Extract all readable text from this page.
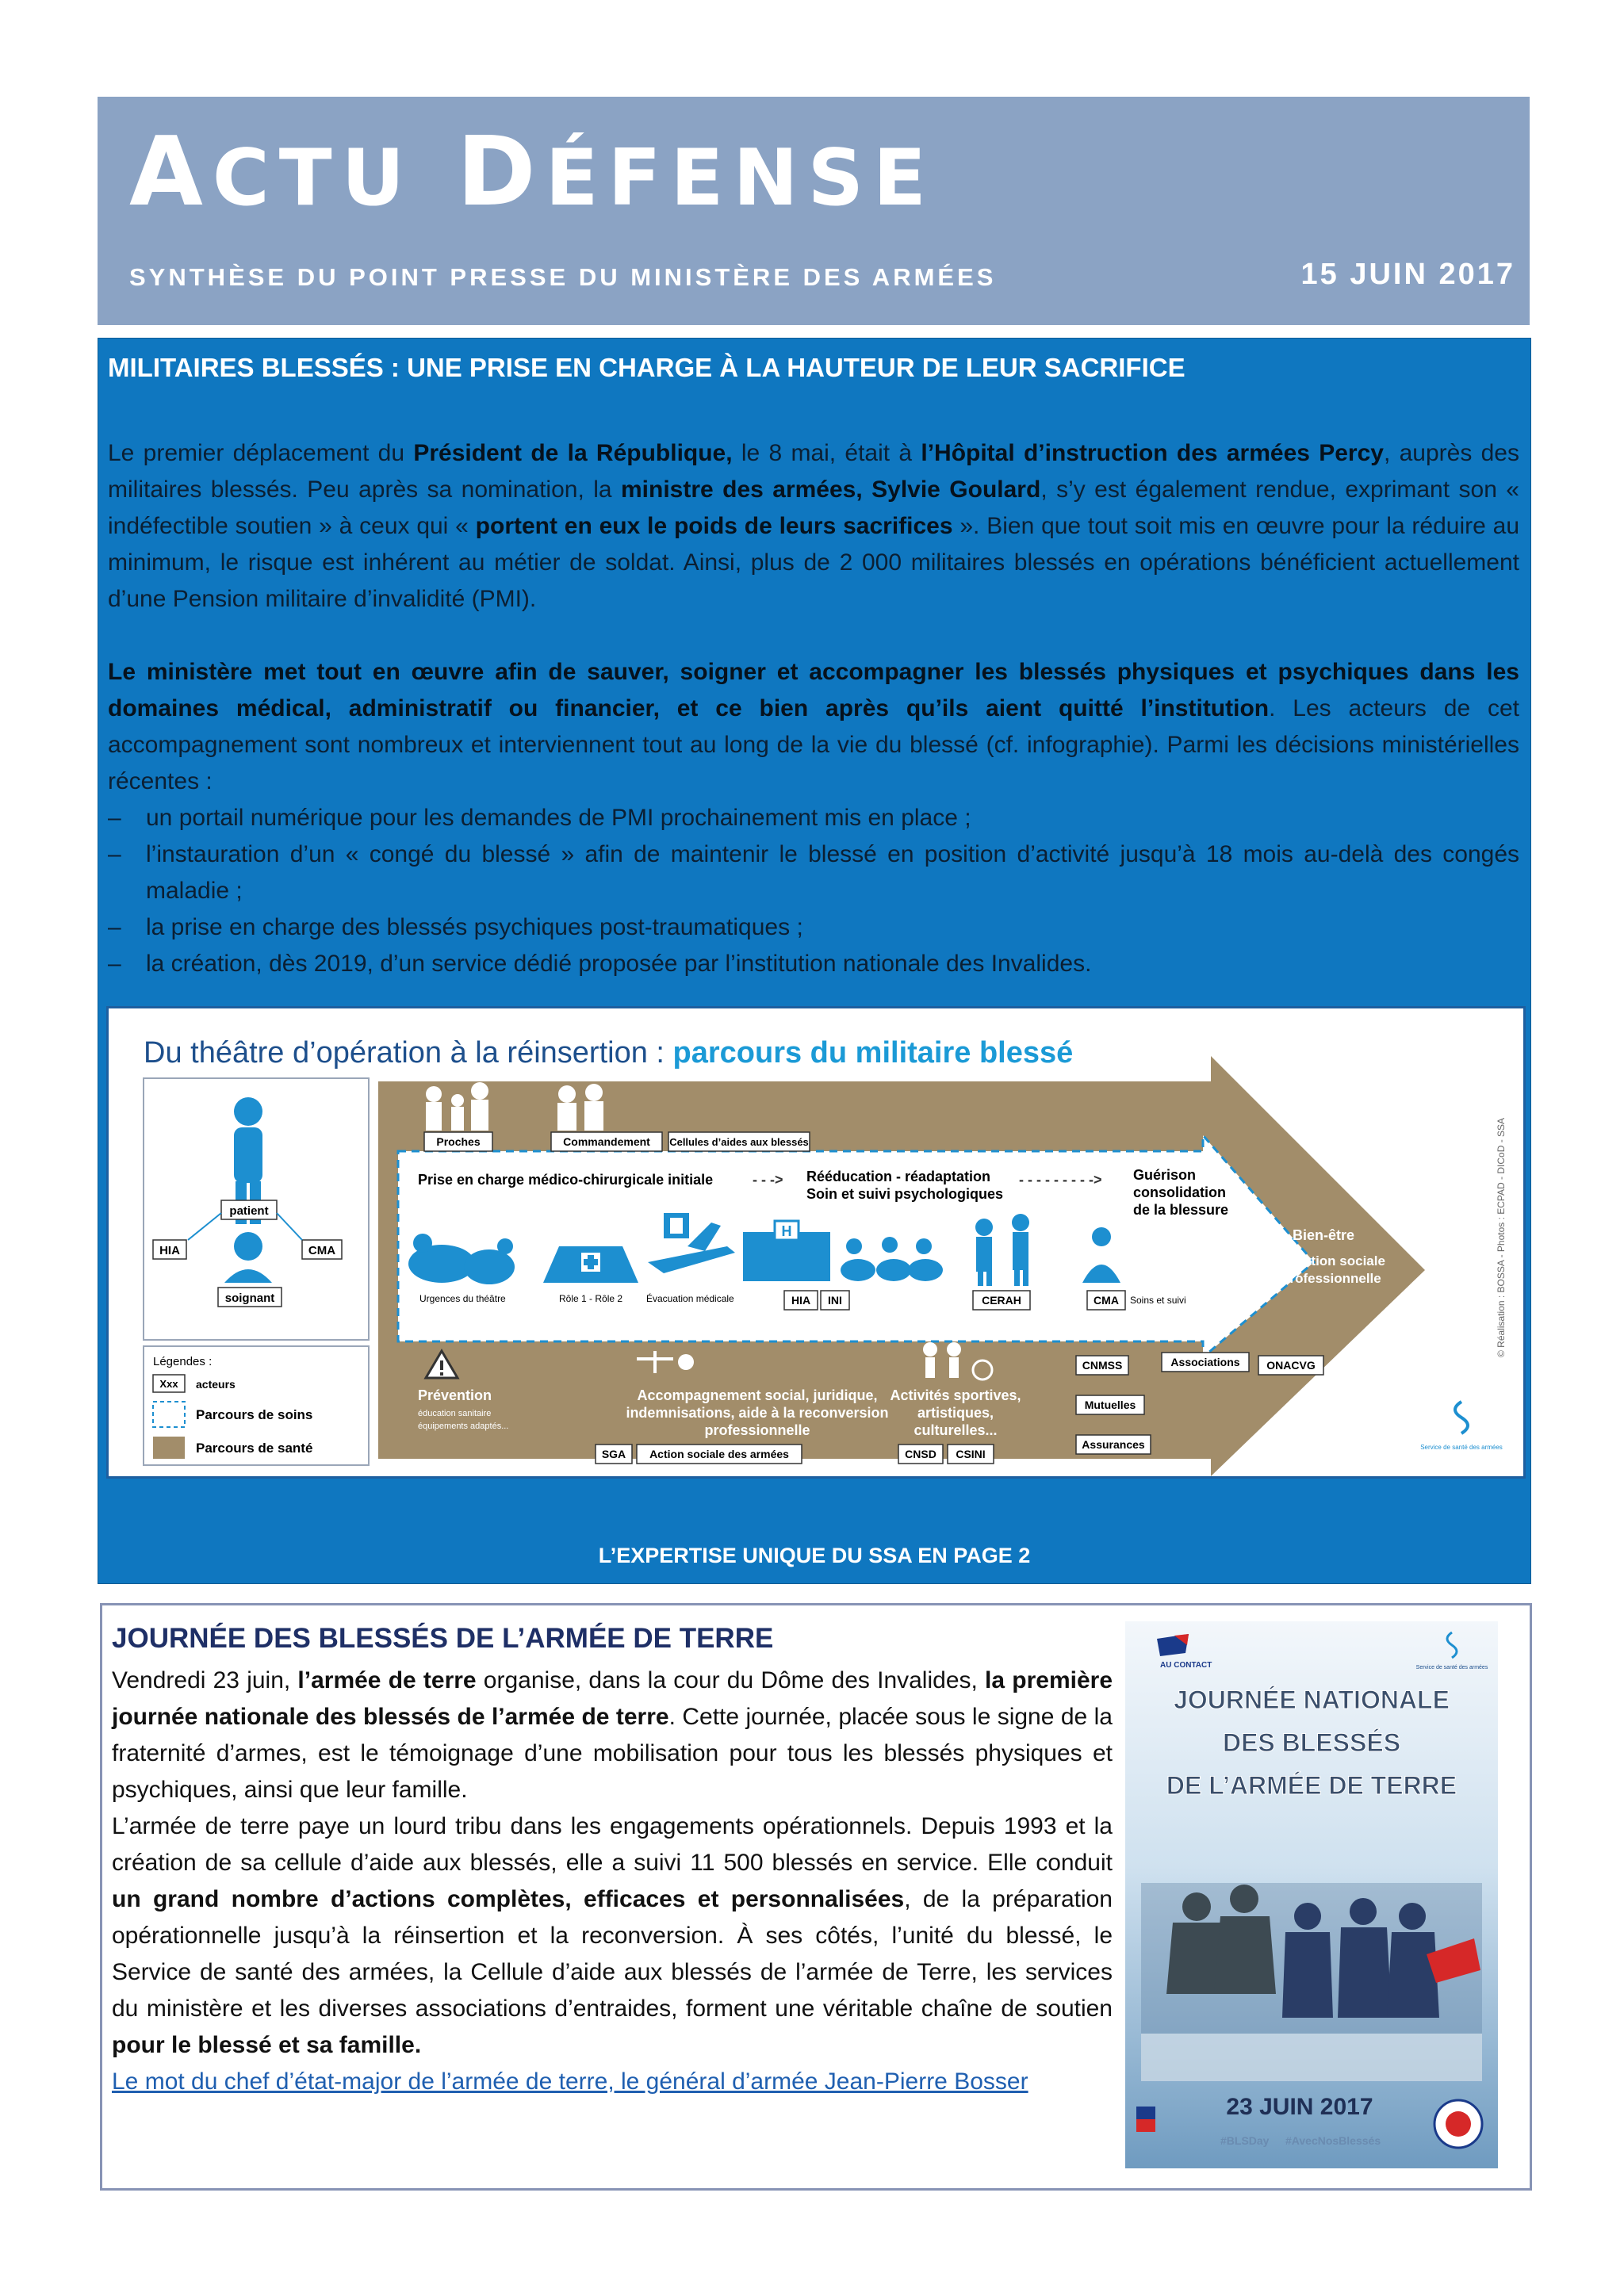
ACTU DÉFENSE
SYNTHÈSE DU POINT PRESSE DU MINISTÈRE DES ARMÉES	15 JUIN 2017
MILITAIRES BLESSÉS : UNE PRISE EN CHARGE À LA HAUTEUR DE LEUR SACRIFICE

Le premier déplacement du Président de la République, le 8 mai, était à l’Hôpital d’instruction des armées Percy, auprès des militaires blessés. Peu après sa nomination, la ministre des armées, Sylvie Goulard, s’y est également rendue, exprimant son « indéfectible soutien » à ceux qui « portent en eux le poids de leurs sacrifices ». Bien que tout soit mis en œuvre pour la réduire au minimum, le risque est inhérent au métier de soldat. Ainsi, plus de 2 000 militaires blessés en opérations bénéficient actuellement d’une Pension militaire d’invalidité (PMI).

Le ministère met tout en œuvre afin de sauver, soigner et accompagner les blessés physiques et psychiques dans les domaines médical, administratif ou financier, et ce bien après qu’ils aient quitté l’institution. Les acteurs de cet accompagnement sont nombreux et interviennent tout au long de la vie du blessé (cf. infographie). Parmi les décisions ministérielles récentes :

– un portail numérique pour les demandes de PMI prochainement mis en place ;
– l’instauration d’un « congé du blessé » afin de maintenir le blessé en position d’activité jusqu’à 18 mois au-delà des congés maladie ;
– la prise en charge des blessés psychiques post-traumatiques ;
– la création, dès 2019, d’un service dédié proposée par l’institution nationale des Invalides.
Du théâtre d’opération à la réinsertion : parcours du militaire blessé
© Réalisation : BOSSA - Photos : ECPAD - DICoD - SSA
patient
HIA	CMA
soignant
Légendes :
Xxx acteurs
Parcours de soins
Parcours de santé
Proches	Commandement Cellules d’aides aux blessés
Prise en charge médico-chirurgicale initiale	- - -> Rééducation - réadaptation
Soin et suivi psychologiques
- - - - - - - - -> Guérison
consolidation
de la blessure
Bien-être
Réinsertion sociale
et professionnelle
H
Urgences du théâtre	Rôle 1 - Rôle 2 Évacuation médicale	HIA INI	CERAH	CMA Soins et suivi
Prévention
éducation sanitaire
équipements adaptés...
Accompagnement social, juridique,
indemnisations, aide à la reconversion
professionnelle
Activités sportives,
artistiques,
culturelles...
SGA Action sociale des armées	CNSD CSINI
CNMSS	Associations ONACVG
Mutuelles
Assurances	Service de santé des armées
L’EXPERTISE UNIQUE DU SSA EN PAGE 2
JOURNÉE DES BLESSÉS DE L’ARMÉE DE TERRE

Vendredi 23 juin, l’armée de terre organise, dans la cour du Dôme des Invalides, la première journée nationale des blessés de l’armée de terre. Cette journée, placée sous le signe de la fraternité d’armes, est le témoignage d’une mobilisation pour tous les blessés physiques et psychiques, ainsi que leur famille.

L’armée de terre paye un lourd tribu dans les engagements opérationnels. Depuis 1993 et la création de sa cellule d’aide aux blessés, elle a suivi 11 500 blessés en service. Elle conduit un grand nombre d’actions complètes, efficaces et personnalisées, de la préparation opérationnelle jusqu’à la réinsertion et la reconversion. À ses côtés, l’unité du blessé, le Service de santé des armées, la Cellule d’aide aux blessés de l’armée de Terre, les services du ministère et les diverses associations d’entraides, forment une véritable chaîne de soutien pour le blessé et sa famille.

Le mot du chef d’état-major de l’armée de terre, le général d’armée Jean-Pierre Bosser
AU CONTACT	Service de santé des armées
JOURNÉE NATIONALE
DES BLESSÉS
DE L’ARMÉE DE TERRE
23 JUIN 2017
#BLSDay #AvecNosBlessés
